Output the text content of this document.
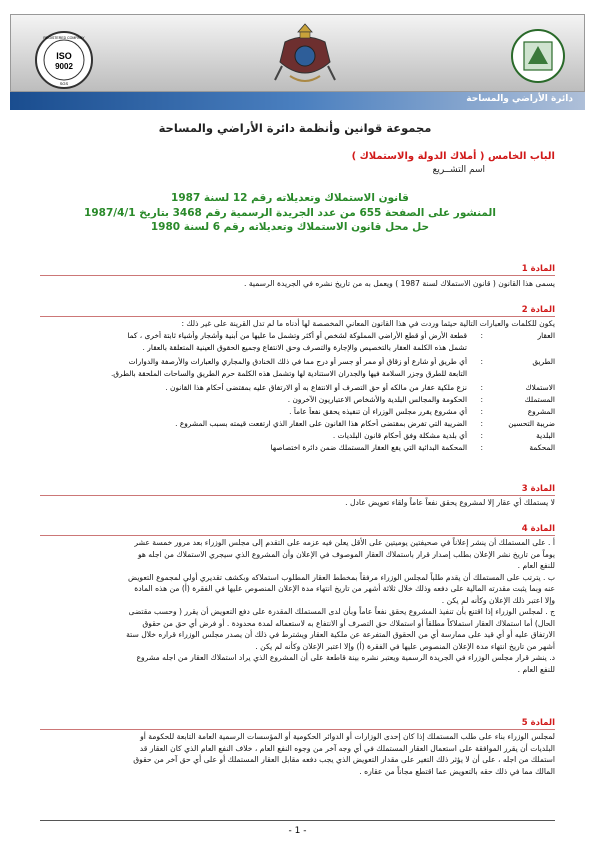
ISO
9002
REGISTERED COMPANY
SGS
دائرة الأراضي والمساحة
مجموعة قوانين وأنظمة دائرة الأراضي والمساحة
الباب الخامس ( أملاك الدولة والاستملاك )
اسم التشــريع
قانون الاستملاك وتعديلاته رقم 12 لسنة 1987
المنشور على الصفحة 655 من عدد الجريدة الرسمية رقم 3468 بتاريخ 1987/4/1
حل محل قانون الاستملاك وتعديلاته رقم 6 لسنة 1980
المادة 1
يسمى هذا القانون ( قانون الاستملاك لسنة 1987 ) ويعمل به من تاريخ نشره في الجريدة الرسمية .
المادة 2
يكون للكلمات والعبارات التالية حيثما وردت في هذا القانون المعاني المخصصة لها أدناه ما لم تدل القرينة على غير ذلك :
العقار
:
قطعة الأرض أو قطع الأراضي المملوكة لشخص أو أكثر وتشمل ما عليها من أبنية وأشجار وأشياء ثابتة أخرى ، كما
تشمل هذه الكلمة العقار بالتخصيص والإجارة والتصرف وحق الانتفاع وجميع الحقوق العينية المتعلقة بالعقار .
الطريق
:
أي طريق أو شارع أو زقاق أو ممر أو جسر أو درج مما في ذلك الخنادق والمجاري والعبارات والأرصفة والدوارات
التابعة للطرق وجزر السلامة فيها والجدران الاستنادية لها وتشمل هذه الكلمة حرم الطريق والساحات الملحقة بالطرق.
الاستملاك
:
نزع ملكية عقار من مالكه أو حق التصرف أو الانتفاع به أو الارتفاق عليه بمقتضى أحكام هذا القانون .
المستملك
:
الحكومة والمجالس البلدية والأشخاص الاعتباريون الآخرون .
المشروع
:
أي مشروع يقرر مجلس الوزراء أن تنفيذه يحقق نفعاً عاماً .
ضريبة التحسين
:
الضريبة التي تفرض بمقتضى أحكام هذا القانون على العقار الذي ارتفعت قيمته بسبب المشروع .
البلدية
:
أي بلدية مشكلة وفق أحكام قانون البلديات .
المحكمة
:
المحكمة البدائية التي يقع العقار المستملك ضمن دائرة اختصاصها
المادة 3
لا يستملك أي عقار إلا لمشروع يحقق نفعاً عاماً ولقاء تعويض عادل .
المادة 4
أ . على المستملك أن ينشر إعلاناً في صحيفتين يوميتين على الأقل يعلن فيه عزمه على التقدم إلى مجلس الوزراء بعد مرور خمسة عشر
يوماً من تاريخ نشر الإعلان بطلب إصدار قرار باستملاك العقار الموصوف في الإعلان وأن المشروع الذي سيجري الاستملاك من اجله هو
للنفع العام .
ب . يترتب على المستملك أن يقدم طلباً لمجلس الوزراء مرفقاً بمخطط العقار المطلوب استملاكه وبكشف تقديري أولي لمجموع التعويض
عنه وبما يثبت مقدرته المالية على دفعه وذلك خلال ثلاثة أشهر من تاريخ انتهاء مدة الإعلان المنصوص عليها في الفقرة (أ) من هذه المادة
وإلا اعتبر ذلك الإعلان وكأنه لم يكن .
ج . لمجلس الوزراء إذا اقتنع بأن تنفيذ المشروع يحقق نفعاً عاماً وبأن لدى المستملك المقدرة على دفع التعويض أن يقرر ( وحسب مقتضى
الحال) أما استملاك العقار استملاكاً مطلقاً أو استملاك حق التصرف أو الانتفاع به لاستعماله لمدة محدودة . أو فرض أي حق من حقوق
الارتفاق عليه أو أي قيد على ممارسة أي من الحقوق المتفرعة عن ملكية العقار ويشترط في ذلك أن يصدر مجلس الوزراء قراره خلال ستة
أشهر من تاريخ انتهاء مدة الإعلان المنصوص عليها في الفقرة (أ) وإلا اعتبر الإعلان وكأنه لم يكن .
د. ينشر قرار مجلس الوزراء في الجريدة الرسمية ويعتبر نشره بينة قاطعة على أن المشروع الذي يراد استملاك العقار من اجله مشروع
للنفع العام .
المادة 5
لمجلس الوزراء بناء على طلب المستملك إذا كان إحدى الوزارات أو الدوائر الحكومية أو المؤسسات الرسمية العامة التابعة للحكومة أو
البلديات أن يقرر الموافقة على استعمال العقار المستملك في أي وجه آخر من وجوه النفع العام ، خلاف النفع العام الذي كان العقار قد
استملك من اجله ، على أن لا يؤثر ذلك التغير على مقدار التعويض الذي يجب دفعه مقابل العقار المستملك أو على أي حق آخر من حقوق
المالك مما في ذلك حقه بالتعويض عما اقتطع مجاناً من عقاره .
- 1 -
